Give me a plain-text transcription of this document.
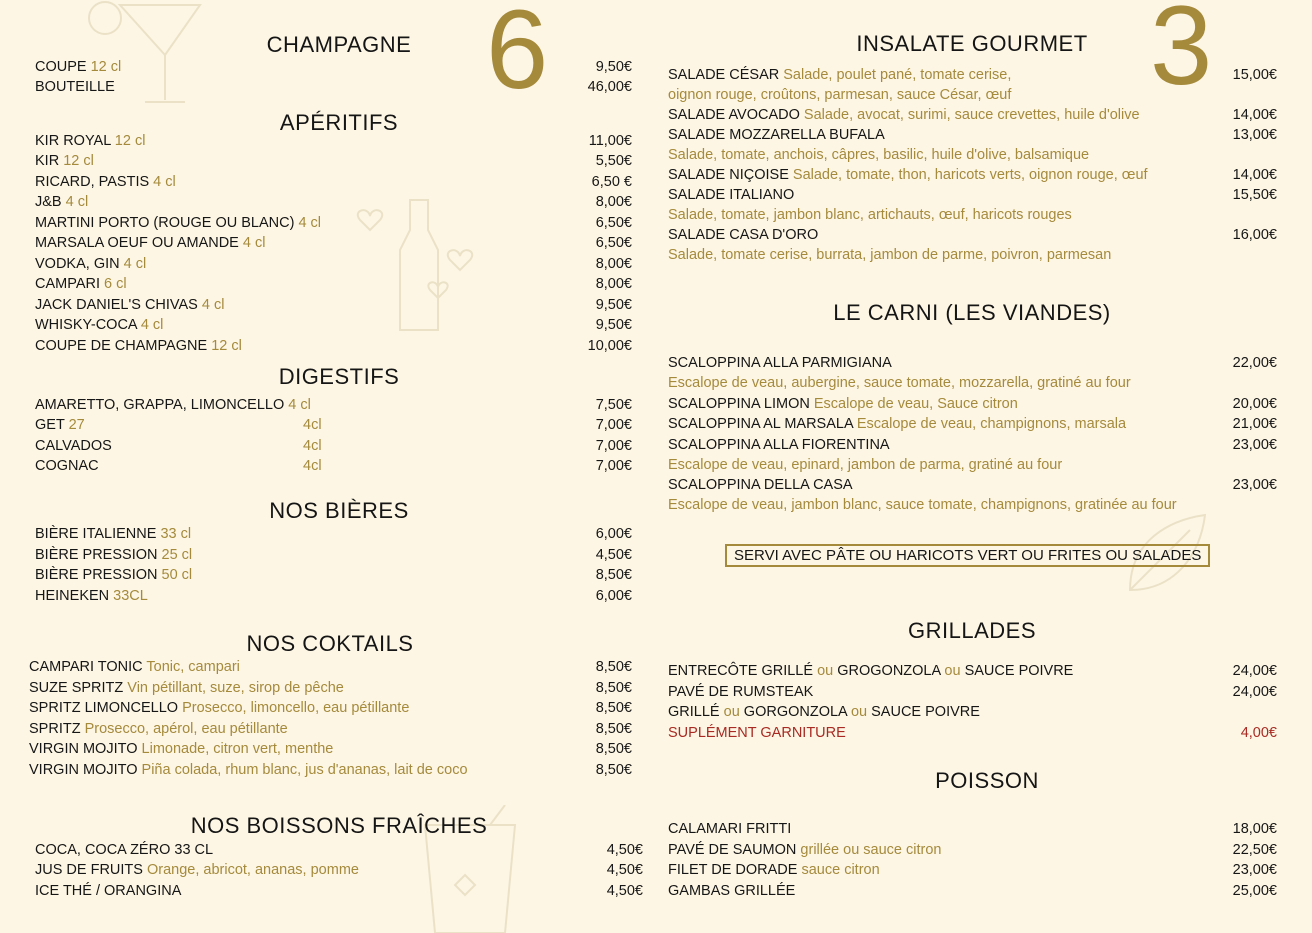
6
CHAMPAGNE
COUPE 12 cl	9,50€
BOUTEILLE	46,00€
APÉRITIFS
KIR ROYAL 12 cl	11,00€
KIR 12 cl	5,50€
RICARD, PASTIS 4 cl	6,50 €
J&B 4 cl	8,00€
MARTINI PORTO (ROUGE OU BLANC) 4 cl	6,50€
MARSALA OEUF OU AMANDE 4 cl	6,50€
VODKA, GIN 4 cl	8,00€
CAMPARI 6 cl	8,00€
JACK DANIEL'S CHIVAS 4 cl	9,50€
WHISKY-COCA 4 cl	9,50€
COUPE DE CHAMPAGNE 12 cl	10,00€
DIGESTIFS
AMARETTO, GRAPPA, LIMONCELLO 4 cl	7,50€
GET 27	4cl	7,00€
CALVADOS	4cl	7,00€
COGNAC	4cl	7,00€
NOS BIÈRES
BIÈRE ITALIENNE 33 cl	6,00€
BIÈRE PRESSION 25 cl	4,50€
BIÈRE PRESSION 50 cl	8,50€
HEINEKEN 33CL	6,00€
NOS COKTAILS
CAMPARI TONIC Tonic, campari	8,50€
SUZE SPRITZ Vin pétillant, suze, sirop de pêche	8,50€
SPRITZ LIMONCELLO Prosecco, limoncello, eau pétillante	8,50€
SPRITZ Prosecco, apérol, eau pétillante	8,50€
VIRGIN MOJITO Limonade, citron vert, menthe	8,50€
VIRGIN MOJITO Piña colada, rhum blanc, jus d'ananas, lait de coco	8,50€
NOS BOISSONS FRAÎCHES
COCA, COCA ZÉRO 33 CL	4,50€
JUS DE FRUITS Orange, abricot, ananas, pomme	4,50€
ICE THÉ / ORANGINA	4,50€
3
INSALATE GOURMET
SALADE CÉSAR Salade, poulet pané, tomate cerise,	15,00€
oignon rouge, croûtons, parmesan, sauce César, œuf
SALADE AVOCADO Salade, avocat, surimi, sauce crevettes, huile d'olive	14,00€
SALADE MOZZARELLA BUFALA	13,00€
Salade, tomate, anchois, câpres, basilic, huile d'olive, balsamique
SALADE NIÇOISE Salade, tomate, thon, haricots verts, oignon rouge, œuf	14,00€
SALADE ITALIANO	15,50€
Salade, tomate, jambon blanc, artichauts, œuf, haricots rouges
SALADE CASA D'ORO	16,00€
Salade, tomate cerise, burrata, jambon de parme, poivron, parmesan
LE CARNI (LES VIANDES)
SCALOPPINA ALLA PARMIGIANA	22,00€
Escalope de veau, aubergine, sauce tomate, mozzarella, gratiné au four
SCALOPPINA LIMON Escalope de veau, Sauce citron	20,00€
SCALOPPINA AL MARSALA Escalope de veau, champignons, marsala	21,00€
SCALOPPINA ALLA FIORENTINA	23,00€
Escalope de veau, epinard, jambon de parma, gratiné au four
SCALOPPINA DELLA CASA	23,00€
Escalope de veau, jambon blanc, sauce tomate, champignons, gratinée au four
SERVI AVEC PÂTE OU HARICOTS VERT OU FRITES OU SALADES
GRILLADES
ENTRECÔTE GRILLÉ ou GROGONZOLA ou SAUCE POIVRE	24,00€
PAVÉ DE RUMSTEAK	24,00€
GRILLÉ ou GORGONZOLA ou SAUCE POIVRE
SUPLÉMENT GARNITURE	4,00€
POISSON
CALAMARI FRITTI	18,00€
PAVÉ DE SAUMON grillée ou sauce citron	22,50€
FILET DE DORADE sauce citron	23,00€
GAMBAS GRILLÉE	25,00€
